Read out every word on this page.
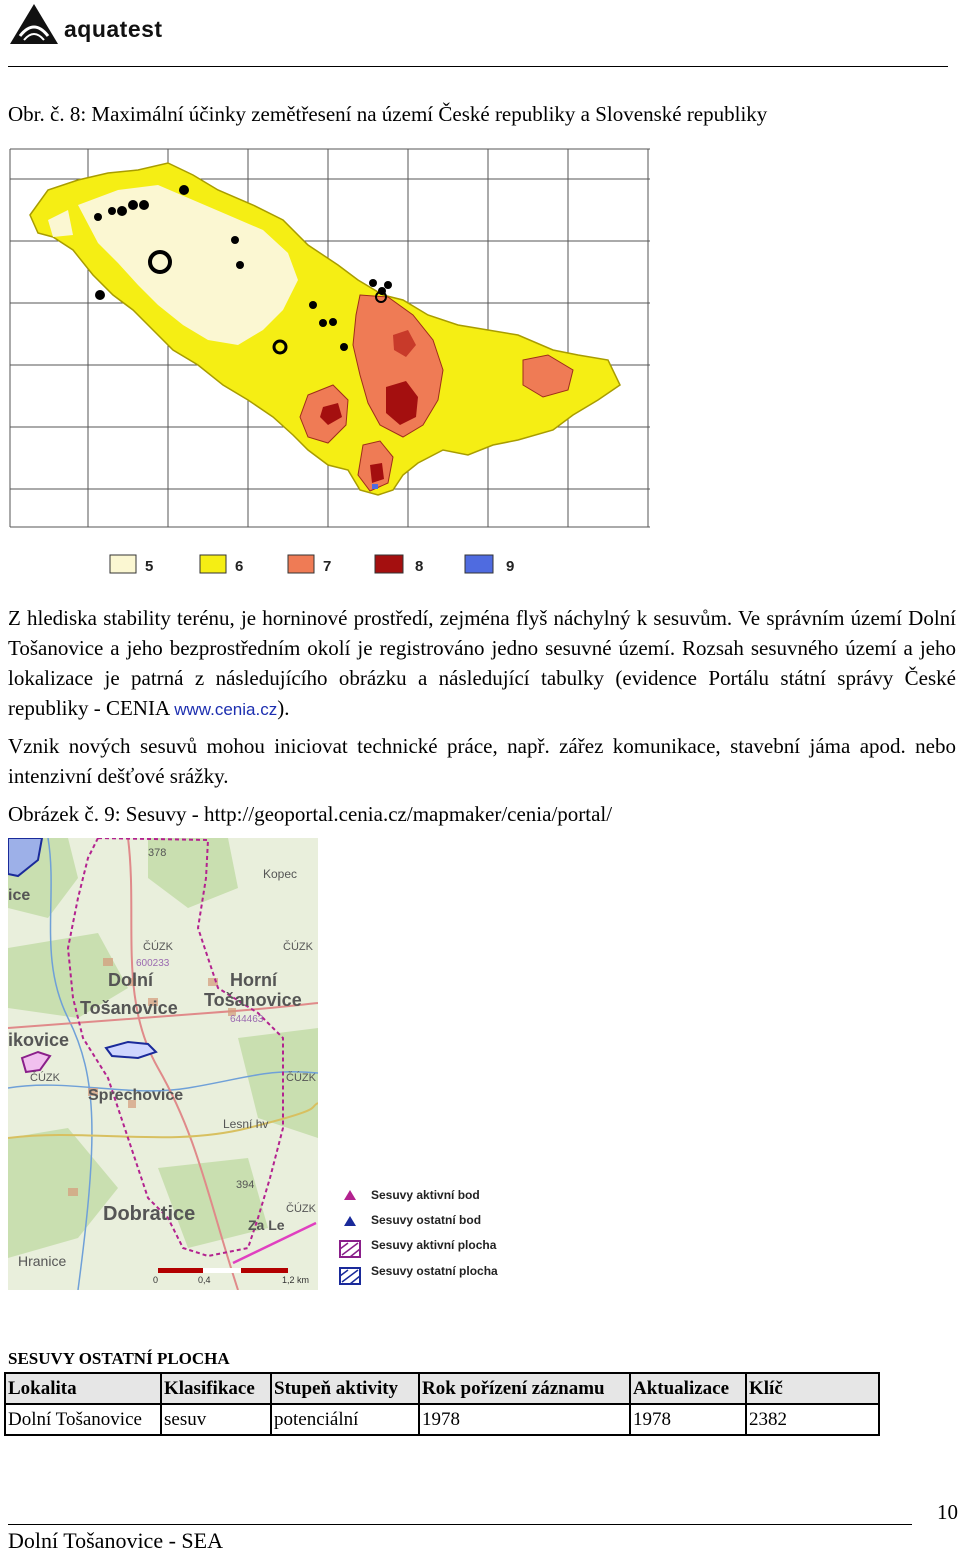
aquatest
Obr. č. 8: Maximální účinky zemětřesení na území České republiky a Slovenské republiky
5	6	7	8	9
Z hlediska stability terénu, je horninové prostředí, zejména flyš náchylný k sesuvům. Ve správním území Dolní Tošanovice a jeho bezprostředním okolí je registrováno jedno sesuvné území. Rozsah sesuvného území a jeho lokalizace je patrná z následujícího obrázku a následující tabulky (evidence Portálu státní správy České republiky - CENIA www.cenia.cz).
Vznik nových sesuvů mohou iniciovat technické práce, např. zářez komunikace, stavební jáma apod. nebo intenzivní dešťové srážky.
Obrázek č. 9: Sesuvy - http://geoportal.cenia.cz/mapmaker/cenia/portal/
378
Kopec
ice
ČÚZK	ČÚZK
600233
Dolní
Tošanovice
Horní
Tošanovice
644463
ikovice
ČÚZK	ČÚZK
Sprechovice
Lesní hv
394
Dobratice	ČÚZK
Za Le
Hranice
0	0,4	1,2 km
Sesuvy aktivní bod
Sesuvy ostatní bod
Sesuvy aktivní plocha
Sesuvy ostatní plocha
SESUVY OSTATNÍ PLOCHA
Lokalita	Klasifikace	Stupeň aktivity	Rok pořízení záznamu	Aktualizace	Klíč
Dolní Tošanovice	sesuv	potenciální	1978	1978	2382
10
Dolní Tošanovice - SEA
